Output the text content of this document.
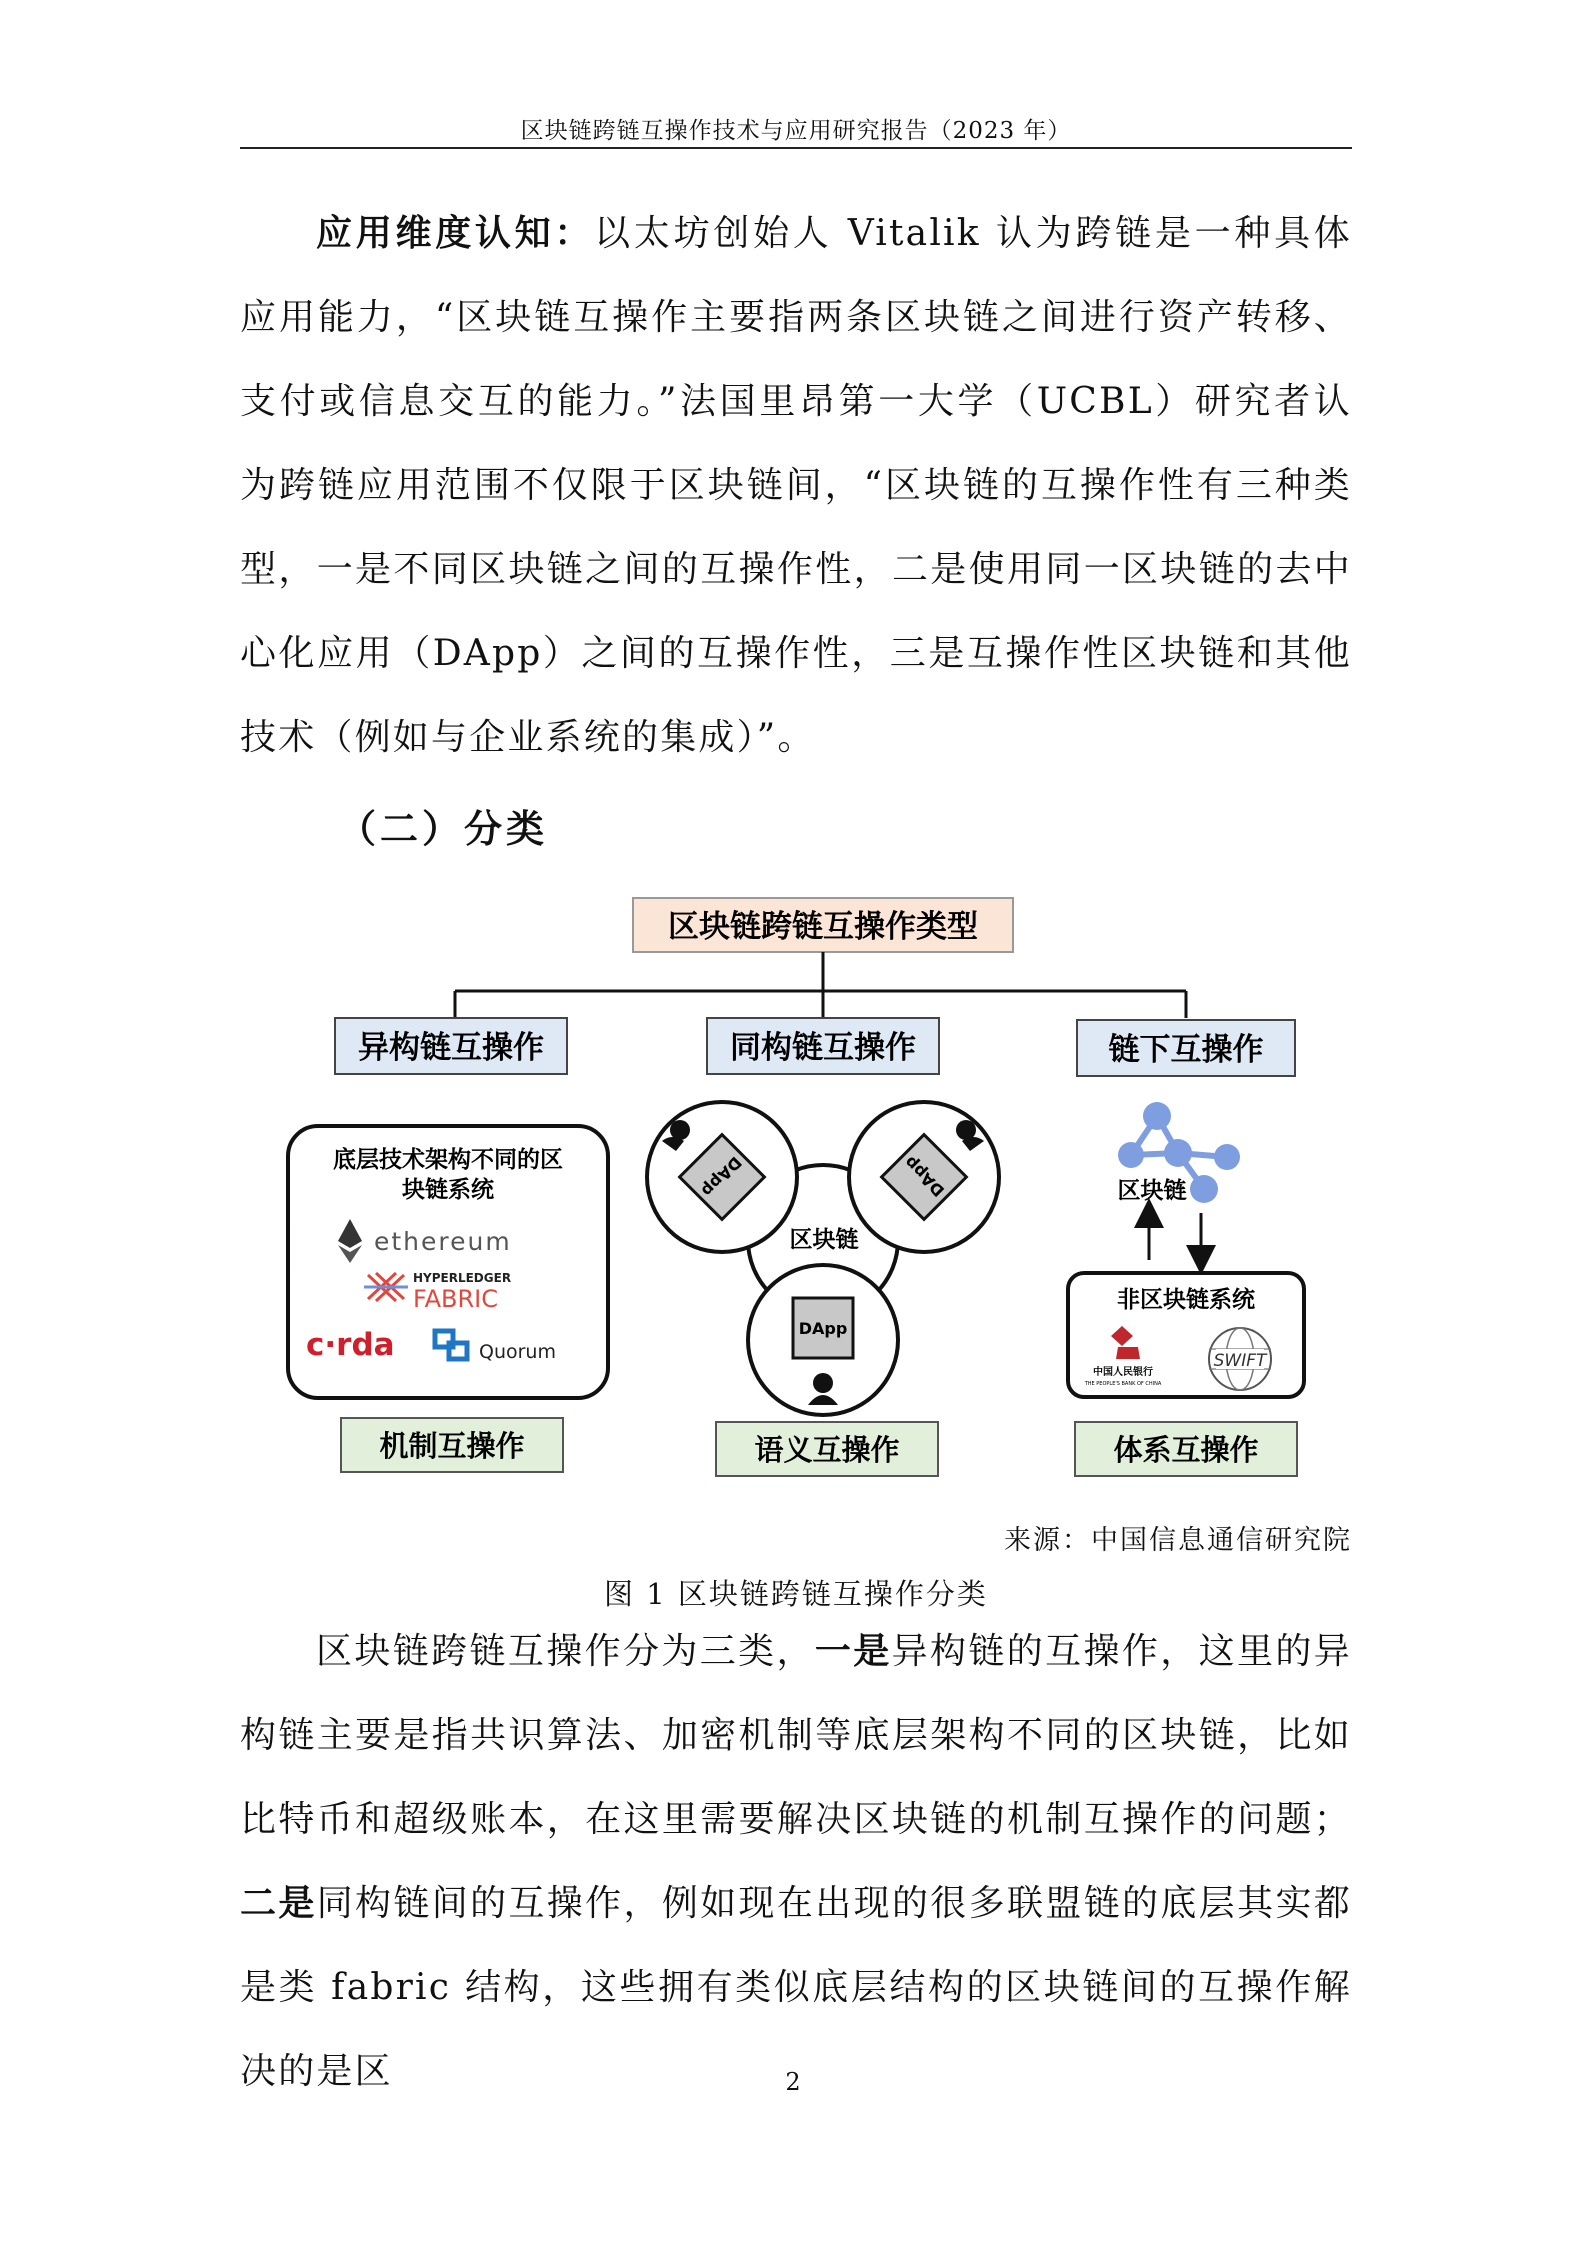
区块链跨链互操作技术与应用研究报告（2023 年）

应用维度认知：以太坊创始人 Vitalik 认为跨链是一种具体应用能力，“区块链互操作主要指两条区块链之间进行资产转移、支付或信息交互的能力。”法国里昂第一大学（UCBL）研究者认为跨链应用范围不仅限于区块链间，“区块链的互操作性有三种类型，一是不同区块链之间的互操作性，二是使用同一区块链的去中心化应用（DApp）之间的互操作性，三是互操作性区块链和其他技术（例如与企业系统的集成）”。

（二）分类
区块链跨链互操作类型
异构链互操作	同构链互操作	链下互操作
底层技术架构不同的区
块链系统
ethereum
HYPERLEDGER
FABRIC
c·rda	Quorum
区块链
DApp	DApp
DApp
区块链
非区块链系统
中国人民银行
THE PEOPLE'S BANK OF CHINA
SWIFT
机制互操作	语义互操作	体系互操作
来源：中国信息通信研究院
图 1 区块链跨链互操作分类

区块链跨链互操作分为三类，一是异构链的互操作，这里的异构链主要是指共识算法、加密机制等底层架构不同的区块链，比如比特币和超级账本，在这里需要解决区块链的机制互操作的问题；二是同构链间的互操作，例如现在出现的很多联盟链的底层其实都是类 fabric 结构，这些拥有类似底层结构的区块链间的互操作解决的是区	2
